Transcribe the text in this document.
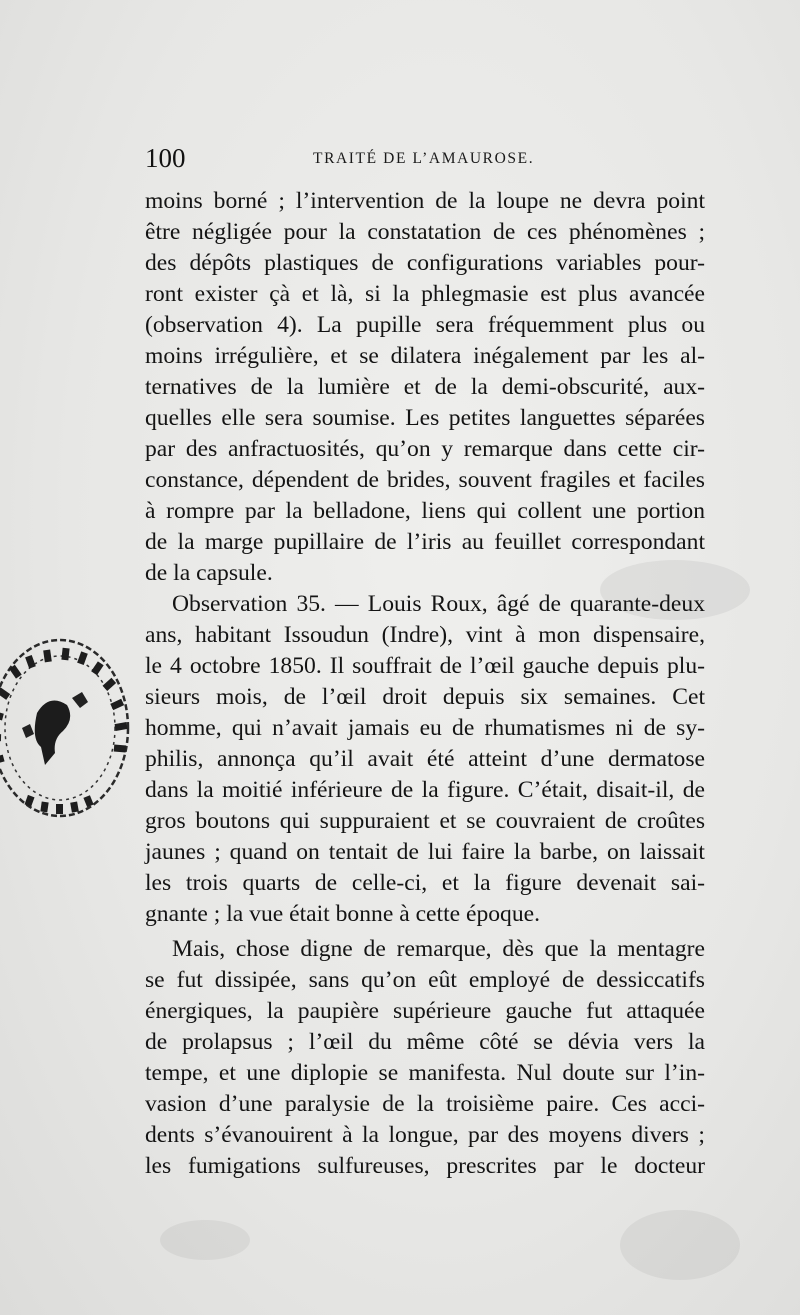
100	TRAITÉ DE L’AMAUROSE.
moins borné ; l’intervention de la loupe ne devra point
être négligée pour la constatation de ces phénomènes ;
des dépôts plastiques de configurations variables pour-
ront exister çà et là, si la phlegmasie est plus avancée
(observation 4). La pupille sera fréquemment plus ou
moins irrégulière, et se dilatera inégalement par les al-
ternatives de la lumière et de la demi-obscurité, aux-
quelles elle sera soumise. Les petites languettes séparées
par des anfractuosités, qu’on y remarque dans cette cir-
constance, dépendent de brides, souvent fragiles et faciles
à rompre par la belladone, liens qui collent une portion
de la marge pupillaire de l’iris au feuillet correspondant
de la capsule.
Observation 35. — Louis Roux, âgé de quarante-deux
ans, habitant Issoudun (Indre), vint à mon dispensaire,
le 4 octobre 1850. Il souffrait de l’œil gauche depuis plu-
sieurs mois, de l’œil droit depuis six semaines. Cet
homme, qui n’avait jamais eu de rhumatismes ni de sy-
philis, annonça qu’il avait été atteint d’une dermatose
dans la moitié inférieure de la figure. C’était, disait-il, de
gros boutons qui suppuraient et se couvraient de croûtes
jaunes ; quand on tentait de lui faire la barbe, on laissait
les trois quarts de celle-ci, et la figure devenait sai-
gnante ; la vue était bonne à cette époque.
Mais, chose digne de remarque, dès que la mentagre
se fut dissipée, sans qu’on eût employé de dessiccatifs
énergiques, la paupière supérieure gauche fut attaquée
de prolapsus ; l’œil du même côté se dévia vers la
tempe, et une diplopie se manifesta. Nul doute sur l’in-
vasion d’une paralysie de la troisième paire. Ces acci-
dents s’évanouirent à la longue, par des moyens divers ;
les fumigations sulfureuses, prescrites par le docteur
